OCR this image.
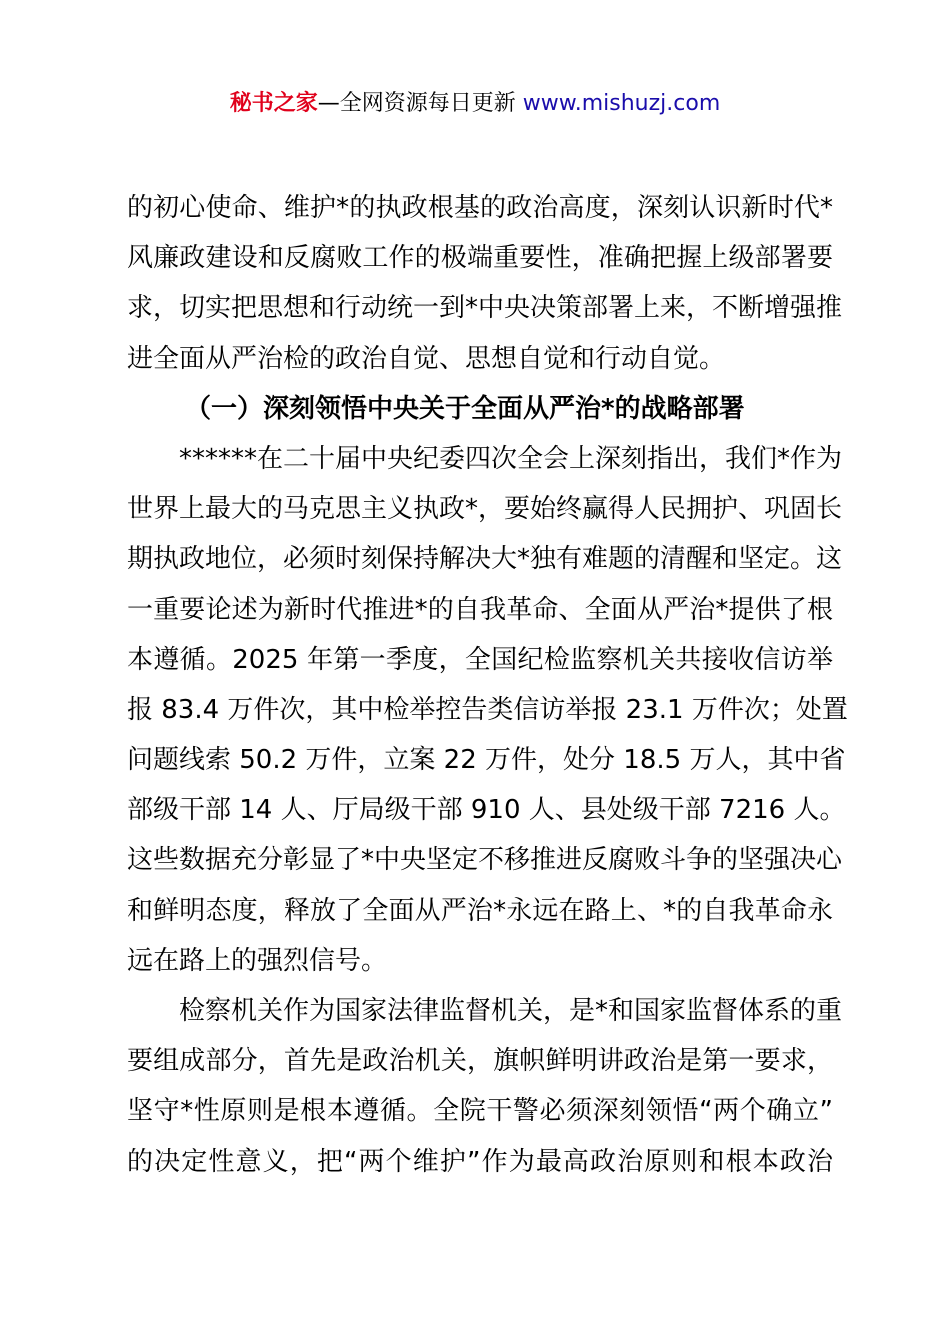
秘书之家—全网资源每日更新 www.mishuzj.com
的初心使命、维护*的执政根基的政治高度，深刻认识新时代*
风廉政建设和反腐败工作的极端重要性，准确把握上级部署要
求，切实把思想和行动统一到*中央决策部署上来，不断增强推
进全面从严治检的政治自觉、思想自觉和行动自觉。
（一）深刻领悟中央关于全面从严治*的战略部署
******在二十届中央纪委四次全会上深刻指出，我们*作为
世界上最大的马克思主义执政*，要始终赢得人民拥护、巩固长
期执政地位，必须时刻保持解决大*独有难题的清醒和坚定。这
一重要论述为新时代推进*的自我革命、全面从严治*提供了根
本遵循。2025 年第一季度，全国纪检监察机关共接收信访举
报 83.4 万件次，其中检举控告类信访举报 23.1 万件次；处置
问题线索 50.2 万件，立案 22 万件，处分 18.5 万人，其中省
部级干部 14 人、厅局级干部 910 人、县处级干部 7216 人。
这些数据充分彰显了*中央坚定不移推进反腐败斗争的坚强决心
和鲜明态度，释放了全面从严治*永远在路上、*的自我革命永
远在路上的强烈信号。
检察机关作为国家法律监督机关，是*和国家监督体系的重
要组成部分，首先是政治机关，旗帜鲜明讲政治是第一要求，
坚守*性原则是根本遵循。全院干警必须深刻领悟“两个确立”
的决定性意义，把“两个维护”作为最高政治原则和根本政治
